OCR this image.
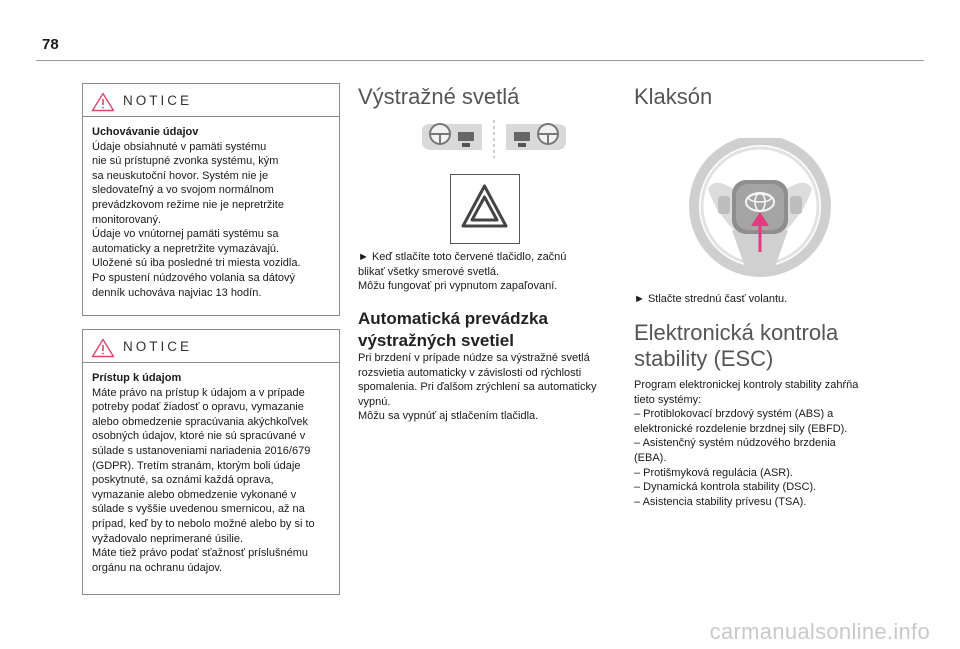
78
NOTICE
Uchovávanie údajov

Údaje obsiahnuté v pamäti systému

nie sú prístupné zvonka systému, kým

sa neuskutoční hovor. Systém nie je

sledovateľný a vo svojom normálnom

prevádzkovom režime nie je nepretržite

monitorovaný.

Údaje vo vnútornej pamäti systému sa

automaticky a nepretržite vymazávajú.

Uložené sú iba posledné tri miesta vozidla.

Po spustení núdzového volania sa dátový

denník uchováva najviac 13 hodín.

NOTICE
Prístup k údajom

Máte právo na prístup k údajom a v prípade

potreby podať žiadosť o opravu, vymazanie

alebo obmedzenie spracúvania akýchkoľvek

osobných údajov, ktoré nie sú spracúvané v

súlade s ustanoveniami nariadenia 2016/679

(GDPR). Tretím stranám, ktorým boli údaje

poskytnuté, sa oznámi každá oprava,

vymazanie alebo obmedzenie vykonané v

súlade s vyššie uvedenou smernicou, až na

prípad, keď by to nebolo možné alebo by si to

vyžadovalo neprimerané úsilie.

Máte tiež právo podať sťažnosť príslušnému

orgánu na ochranu údajov.

Výstražné svetlá

► Keď stlačíte toto červené tlačidlo, začnú

blikať všetky smerové svetlá.

Môžu fungovať pri vypnutom zapaľovaní.

Automatická prevádzka

výstražných svetiel

Pri brzdení v prípade núdze sa výstražné svetlá

rozsvietia automaticky v závislosti od rýchlosti

spomalenia. Pri ďalšom zrýchlení sa automaticky

vypnú.

Môžu sa vypnúť aj stlačením tlačidla.

Klaksón

► Stlačte strednú časť volantu.

Elektronická kontrola

stability (ESC)

Program elektronickej kontroly stability zahŕňa

tieto systémy:

– Protiblokovací brzdový systém (ABS) a

elektronické rozdelenie brzdnej sily (EBFD).

– Asistenčný systém núdzového brzdenia

(EBA).

– Protišmyková regulácia (ASR).

– Dynamická kontrola stability (DSC).

– Asistencia stability prívesu (TSA).

carmanualsonline.info
